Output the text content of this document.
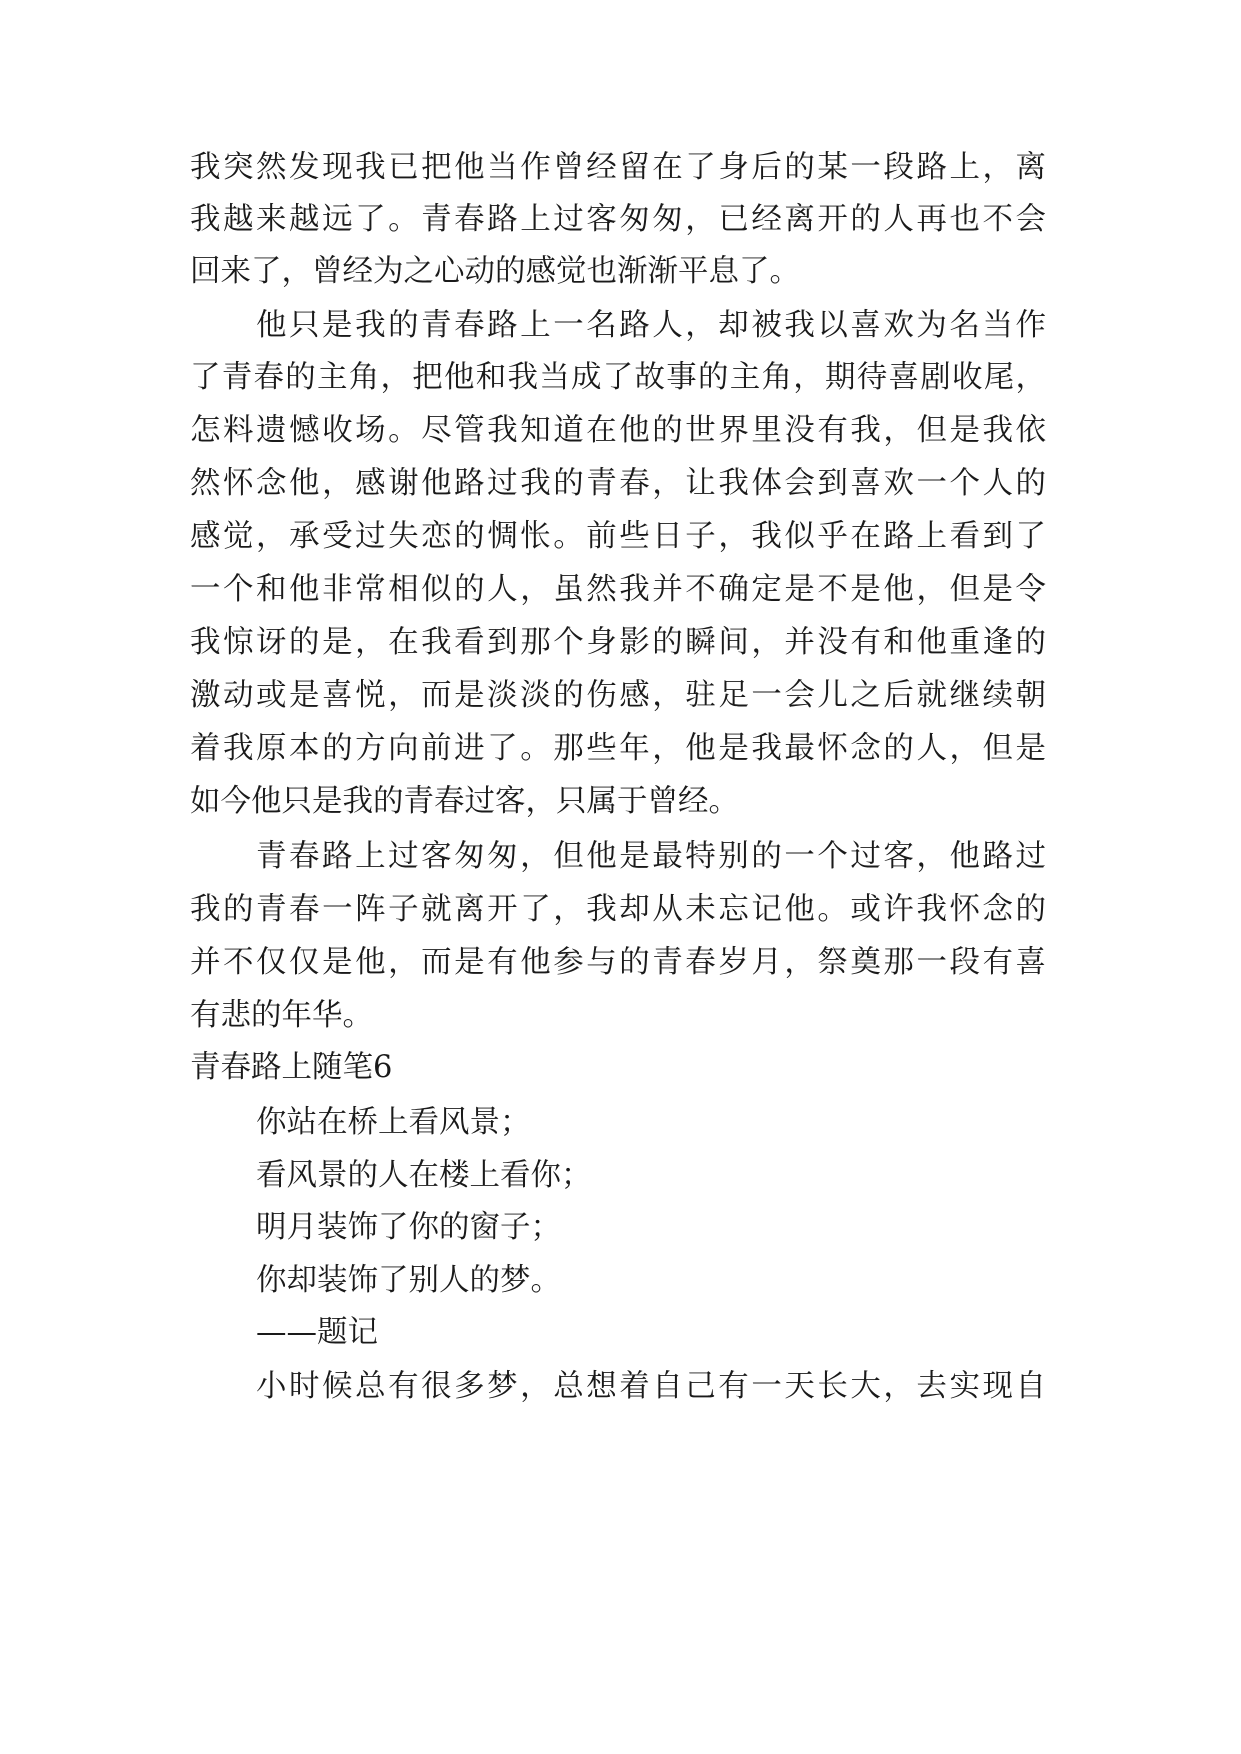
我突然发现我已把他当作曾经留在了身后的某一段路上，离
我越来越远了。青春路上过客匆匆，已经离开的人再也不会
回来了，曾经为之心动的感觉也渐渐平息了。
他只是我的青春路上一名路人，却被我以喜欢为名当作
了青春的主角，把他和我当成了故事的主角，期待喜剧收尾，
怎料遗憾收场。尽管我知道在他的世界里没有我，但是我依
然怀念他，感谢他路过我的青春，让我体会到喜欢一个人的
感觉，承受过失恋的惆怅。前些日子，我似乎在路上看到了
一个和他非常相似的人，虽然我并不确定是不是他，但是令
我惊讶的是，在我看到那个身影的瞬间，并没有和他重逢的
激动或是喜悦，而是淡淡的伤感，驻足一会儿之后就继续朝
着我原本的方向前进了。那些年，他是我最怀念的人，但是
如今他只是我的青春过客，只属于曾经。
青春路上过客匆匆，但他是最特别的一个过客，他路过
我的青春一阵子就离开了，我却从未忘记他。或许我怀念的
并不仅仅是他，而是有他参与的青春岁月，祭奠那一段有喜
有悲的年华。
青春路上随笔6
你站在桥上看风景；
看风景的人在楼上看你；
明月装饰了你的窗子；
你却装饰了别人的梦。
——题记
小时候总有很多梦，总想着自己有一天长大，去实现自
